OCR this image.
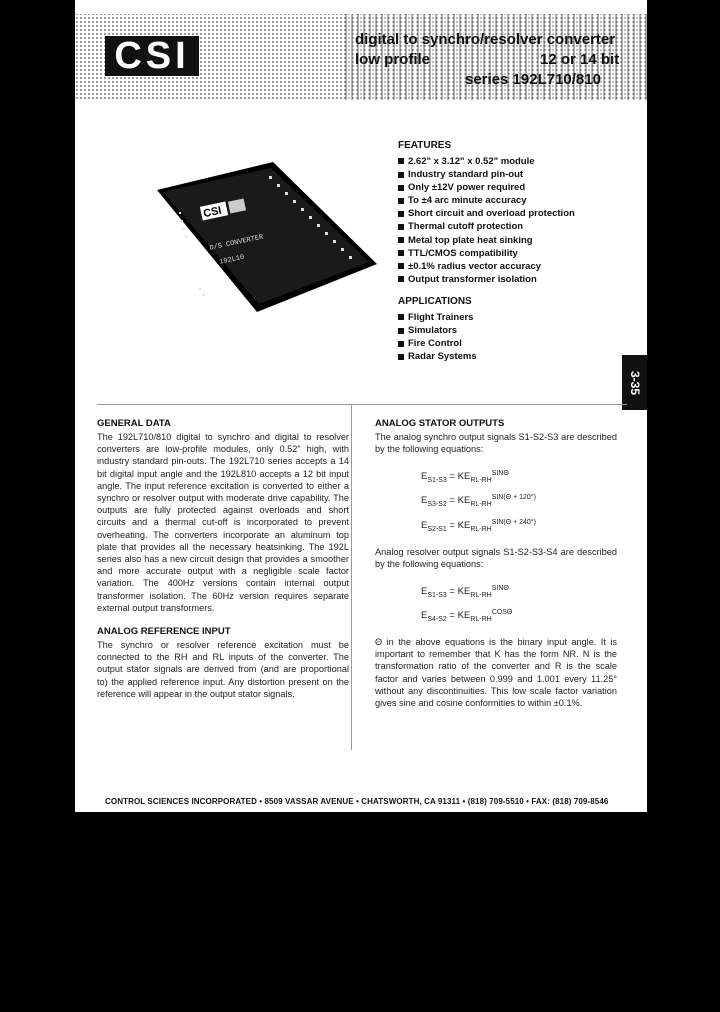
CSI	digital to synchro/resolver converter
low profile	12 or 14 bit
series 192L710/810
CSI
D/S CONVERTER
192L10
FEATURES
2.62" x 3.12" x 0.52" module
Industry standard pin-out
Only ±12V power required
To ±4 arc minute accuracy
Short circuit and overload protection
Thermal cutoff protection
Metal top plate heat sinking
TTL/CMOS compatibility
±0.1% radius vector accuracy
Output transformer isolation
APPLICATIONS
Flight Trainers
Simulators
Fire Control
Radar Systems
3-35

GENERAL DATA

The 192L710/810 digital to synchro and digital to resolver converters are low-profile modules, only 0.52" high, with industry standard pin-outs. The 192L710 series accepts a 14 bit digital input angle and the 192L810 accepts a 12 bit input angle. The input reference excitation is converted to either a synchro or resolver output with moderate drive capability. The outputs are fully protected against overloads and short circuits and a thermal cut-off is incorporated to prevent overheating. The converters incorporate an aluminum top plate that provides all the necessary heatsinking. The 192L series also has a new circuit design that provides a smoother and more accurate output with a negligible scale factor variation. The 400Hz versions contain internal output transformer isolation. The 60Hz version requires separate external output transformers.

ANALOG REFERENCE INPUT

The synchro or resolver reference excitation must be connected to the RH and RL inputs of the converter. The output stator signals are derived from (and are proportional to) the applied reference input. Any distortion present on the reference will appear in the output stator signals.

ANALOG STATOR OUTPUTS

The analog synchro output signals S1-S2-S3 are described by the following equations:

$E_{S1-S3} = KE_{RL-RH}^{SIN\Theta}$
$E_{S3-S2} = KE_{RL-RH}^{SIN(\Theta + 120^\circ)}$
$E_{S2-S1} = KE_{RL-RH}^{SIN(\Theta + 240^\circ)}$

Analog resolver output signals S1-S2-S3-S4 are described by the following equations:

$E_{S1-S3} = KE_{RL-RH}^{SIN\Theta}$
$E_{S4-S2} = KE_{RL-RH}^{COS\Theta}$

Θ in the above equations is the binary input angle. It is important to remember that K has the form NR. N is the transformation ratio of the converter and R is the scale factor and varies between 0.999 and 1.001 every 11.25° without any discontinuities. This low scale factor variation gives sine and cosine conformities to within ±0.1%.

CONTROL SCIENCES INCORPORATED • 8509 VASSAR AVENUE • CHATSWORTH, CA 91311 • (818) 709-5510 • FAX: (818) 709-8546
